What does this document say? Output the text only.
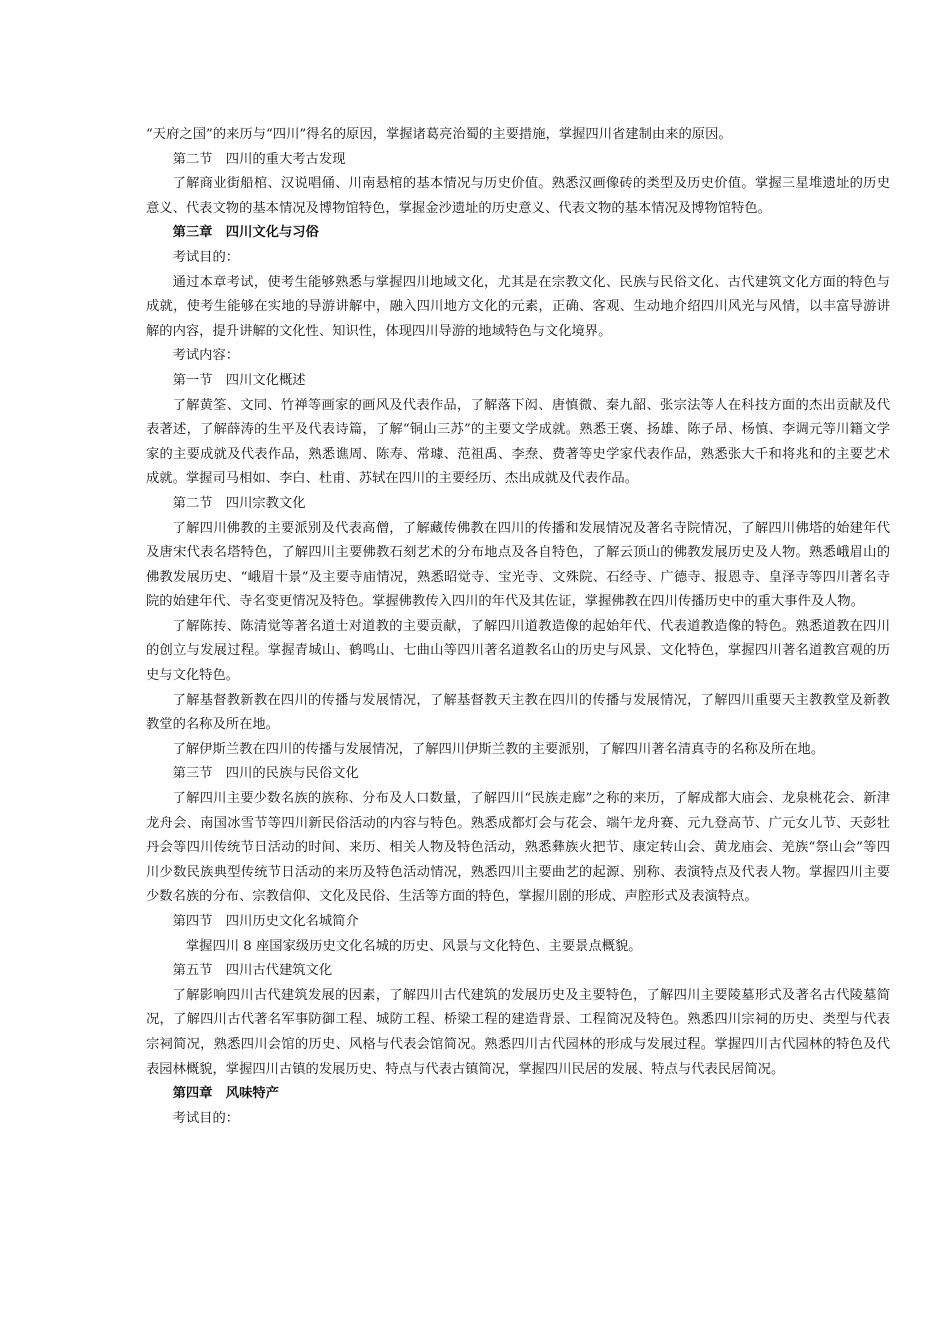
“天府之国”的来历与“四川”得名的原因，掌握诸葛亮治蜀的主要措施，掌握四川省建制由来的原因。

第二节 四川的重大考古发现

了解商业街船棺、汉说唱俑、川南悬棺的基本情况与历史价值。熟悉汉画像砖的类型及历史价值。掌握三星堆遗址的历史意义、代表文物的基本情况及博物馆特色，掌握金沙遗址的历史意义、代表文物的基本情况及博物馆特色。

第三章 四川文化与习俗

考试目的：

通过本章考试，使考生能够熟悉与掌握四川地域文化，尤其是在宗教文化、民族与民俗文化、古代建筑文化方面的特色与成就，使考生能够在实地的导游讲解中，融入四川地方文化的元素，正确、客观、生动地介绍四川风光与风情，以丰富导游讲解的内容，提升讲解的文化性、知识性，体现四川导游的地域特色与文化境界。

考试内容：

第一节 四川文化概述

了解黄筌、文同、竹禅等画家的画风及代表作品，了解落下闳、唐慎微、秦九韶、张宗法等人在科技方面的杰出贡献及代表著述，了解薛涛的生平及代表诗篇，了解“铜山三苏”的主要文学成就。熟悉王褒、扬雄、陈子昂、杨慎、李调元等川籍文学家的主要成就及代表作品，熟悉谯周、陈寿、常璩、范祖禹、李焘、费著等史学家代表作品，熟悉张大千和将兆和的主要艺术成就。掌握司马相如、李白、杜甫、苏轼在四川的主要经历、杰出成就及代表作品。

第二节 四川宗教文化

了解四川佛教的主要派别及代表高僧，了解藏传佛教在四川的传播和发展情况及著名寺院情况，了解四川佛塔的始建年代及唐宋代表名塔特色，了解四川主要佛教石刻艺术的分布地点及各自特色，了解云顶山的佛教发展历史及人物。熟悉峨眉山的佛教发展历史、“峨眉十景”及主要寺庙情况，熟悉昭觉寺、宝光寺、文殊院、石经寺、广德寺、报恩寺、皇泽寺等四川著名寺院的始建年代、寺名变更情况及特色。掌握佛教传入四川的年代及其佐证，掌握佛教在四川传播历史中的重大事件及人物。

了解陈抟、陈清觉等著名道士对道教的主要贡献，了解四川道教造像的起始年代、代表道教造像的特色。熟悉道教在四川的创立与发展过程。掌握青城山、鹤鸣山、七曲山等四川著名道教名山的历史与风景、文化特色，掌握四川著名道教宫观的历史与文化特色。

了解基督教新教在四川的传播与发展情况，了解基督教天主教在四川的传播与发展情况，了解四川重要天主教教堂及新教教堂的名称及所在地。

了解伊斯兰教在四川的传播与发展情况，了解四川伊斯兰教的主要派别，了解四川著名清真寺的名称及所在地。

第三节 四川的民族与民俗文化

了解四川主要少数名族的族称、分布及人口数量，了解四川“民族走廊”之称的来历，了解成都大庙会、龙泉桃花会、新津龙舟会、南国冰雪节等四川新民俗活动的内容与特色。熟悉成都灯会与花会、端午龙舟赛、元九登高节、广元女儿节、天彭牡丹会等四川传统节日活动的时间、来历、相关人物及特色活动，熟悉彝族火把节、康定转山会、黄龙庙会、羌族“祭山会”等四川少数民族典型传统节日活动的来历及特色活动情况，熟悉四川主要曲艺的起源、别称、表演特点及代表人物。掌握四川主要少数名族的分布、宗教信仰、文化及民俗、生活等方面的特色，掌握川剧的形成、声腔形式及表演特点。

第四节 四川历史文化名城简介

掌握四川 8 座国家级历史文化名城的历史、风景与文化特色、主要景点概貌。

第五节 四川古代建筑文化

了解影响四川古代建筑发展的因素，了解四川古代建筑的发展历史及主要特色，了解四川主要陵墓形式及著名古代陵墓简况，了解四川古代著名军事防御工程、城防工程、桥梁工程的建造背景、工程简况及特色。熟悉四川宗祠的历史、类型与代表宗祠简况，熟悉四川会馆的历史、风格与代表会馆简况。熟悉四川古代园林的形成与发展过程。掌握四川古代园林的特色及代表园林概貌，掌握四川古镇的发展历史、特点与代表古镇简况，掌握四川民居的发展、特点与代表民居简况。

第四章 风味特产

考试目的：
